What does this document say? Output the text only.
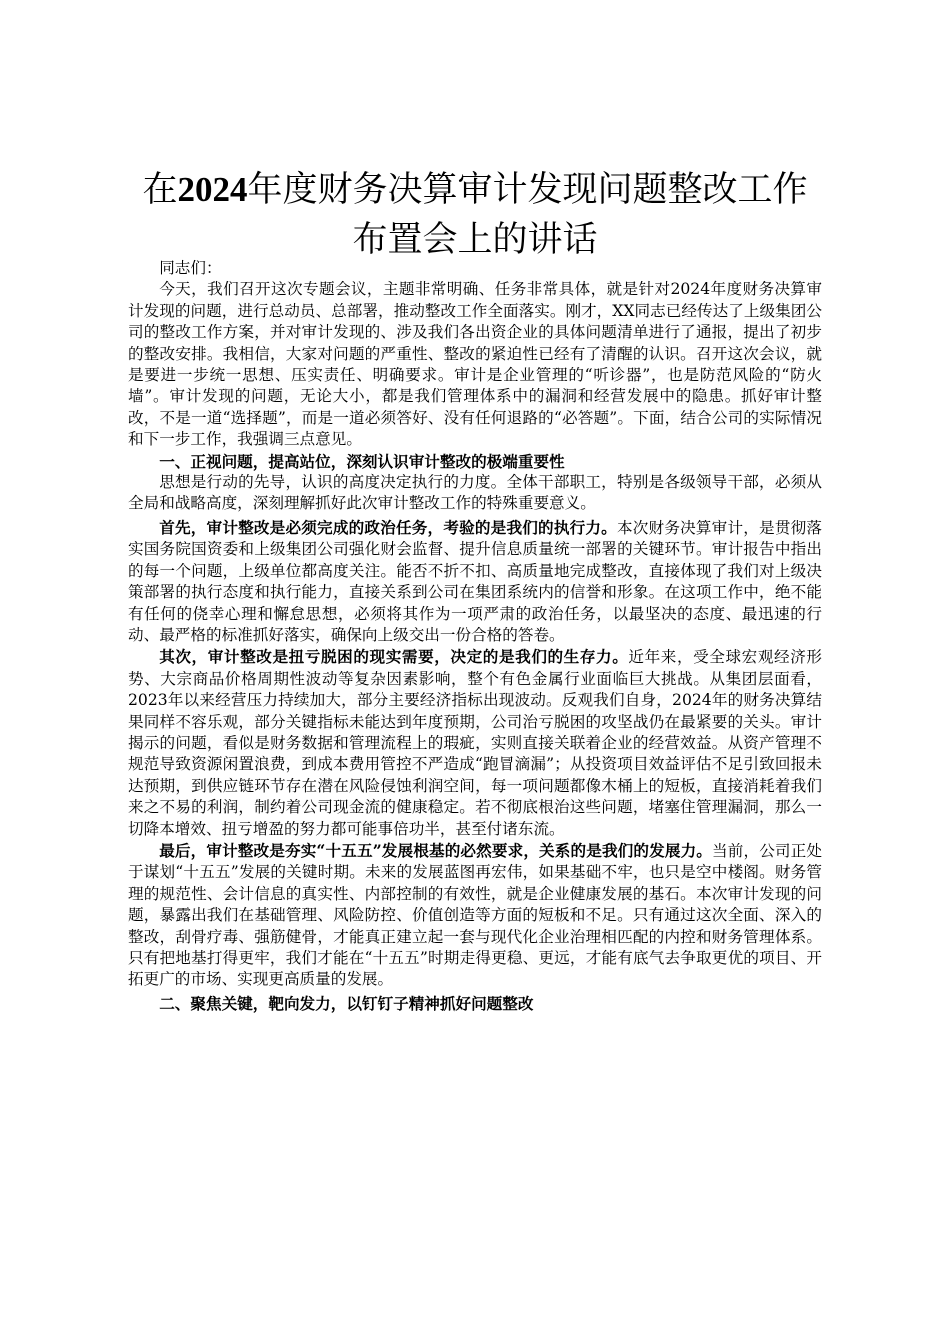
在2024年度财务决算审计发现问题整改工作
布置会上的讲话

同志们：

今天，我们召开这次专题会议，主题非常明确、任务非常具体，就是针对2024年度财务决算审计发现的问题，进行总动员、总部署，推动整改工作全面落实。刚才，XX同志已经传达了上级集团公司的整改工作方案，并对审计发现的、涉及我们各出资企业的具体问题清单进行了通报，提出了初步的整改安排。我相信，大家对问题的严重性、整改的紧迫性已经有了清醒的认识。召开这次会议，就是要进一步统一思想、压实责任、明确要求。审计是企业管理的“听诊器”，也是防范风险的“防火墙”。审计发现的问题，无论大小，都是我们管理体系中的漏洞和经营发展中的隐患。抓好审计整改，不是一道“选择题”，而是一道必须答好、没有任何退路的“必答题”。下面，结合公司的实际情况和下一步工作，我强调三点意见。

一、正视问题，提高站位，深刻认识审计整改的极端重要性

思想是行动的先导，认识的高度决定执行的力度。全体干部职工，特别是各级领导干部，必须从全局和战略高度，深刻理解抓好此次审计整改工作的特殊重要意义。

首先，审计整改是必须完成的政治任务，考验的是我们的执行力。本次财务决算审计，是贯彻落实国务院国资委和上级集团公司强化财会监督、提升信息质量统一部署的关键环节。审计报告中指出的每一个问题，上级单位都高度关注。能否不折不扣、高质量地完成整改，直接体现了我们对上级决策部署的执行态度和执行能力，直接关系到公司在集团系统内的信誉和形象。在这项工作中，绝不能有任何的侥幸心理和懈怠思想，必须将其作为一项严肃的政治任务，以最坚决的态度、最迅速的行动、最严格的标准抓好落实，确保向上级交出一份合格的答卷。

其次，审计整改是扭亏脱困的现实需要，决定的是我们的生存力。近年来，受全球宏观经济形势、大宗商品价格周期性波动等复杂因素影响，整个有色金属行业面临巨大挑战。从集团层面看，2023年以来经营压力持续加大，部分主要经济指标出现波动。反观我们自身，2024年的财务决算结果同样不容乐观，部分关键指标未能达到年度预期，公司治亏脱困的攻坚战仍在最紧要的关头。审计揭示的问题，看似是财务数据和管理流程上的瑕疵，实则直接关联着企业的经营效益。从资产管理不规范导致资源闲置浪费，到成本费用管控不严造成“跑冒滴漏”；从投资项目效益评估不足引致回报未达预期，到供应链环节存在潜在风险侵蚀利润空间，每一项问题都像木桶上的短板，直接消耗着我们来之不易的利润，制约着公司现金流的健康稳定。若不彻底根治这些问题，堵塞住管理漏洞，那么一切降本增效、扭亏增盈的努力都可能事倍功半，甚至付诸东流。

最后，审计整改是夯实“十五五”发展根基的必然要求，关系的是我们的发展力。当前，公司正处于谋划“十五五”发展的关键时期。未来的发展蓝图再宏伟，如果基础不牢，也只是空中楼阁。财务管理的规范性、会计信息的真实性、内部控制的有效性，就是企业健康发展的基石。本次审计发现的问题，暴露出我们在基础管理、风险防控、价值创造等方面的短板和不足。只有通过这次全面、深入的整改，刮骨疗毒、强筋健骨，才能真正建立起一套与现代化企业治理相匹配的内控和财务管理体系。只有把地基打得更牢，我们才能在“十五五”时期走得更稳、更远，才能有底气去争取更优的项目、开拓更广的市场、实现更高质量的发展。

二、聚焦关键，靶向发力，以钉钉子精神抓好问题整改
